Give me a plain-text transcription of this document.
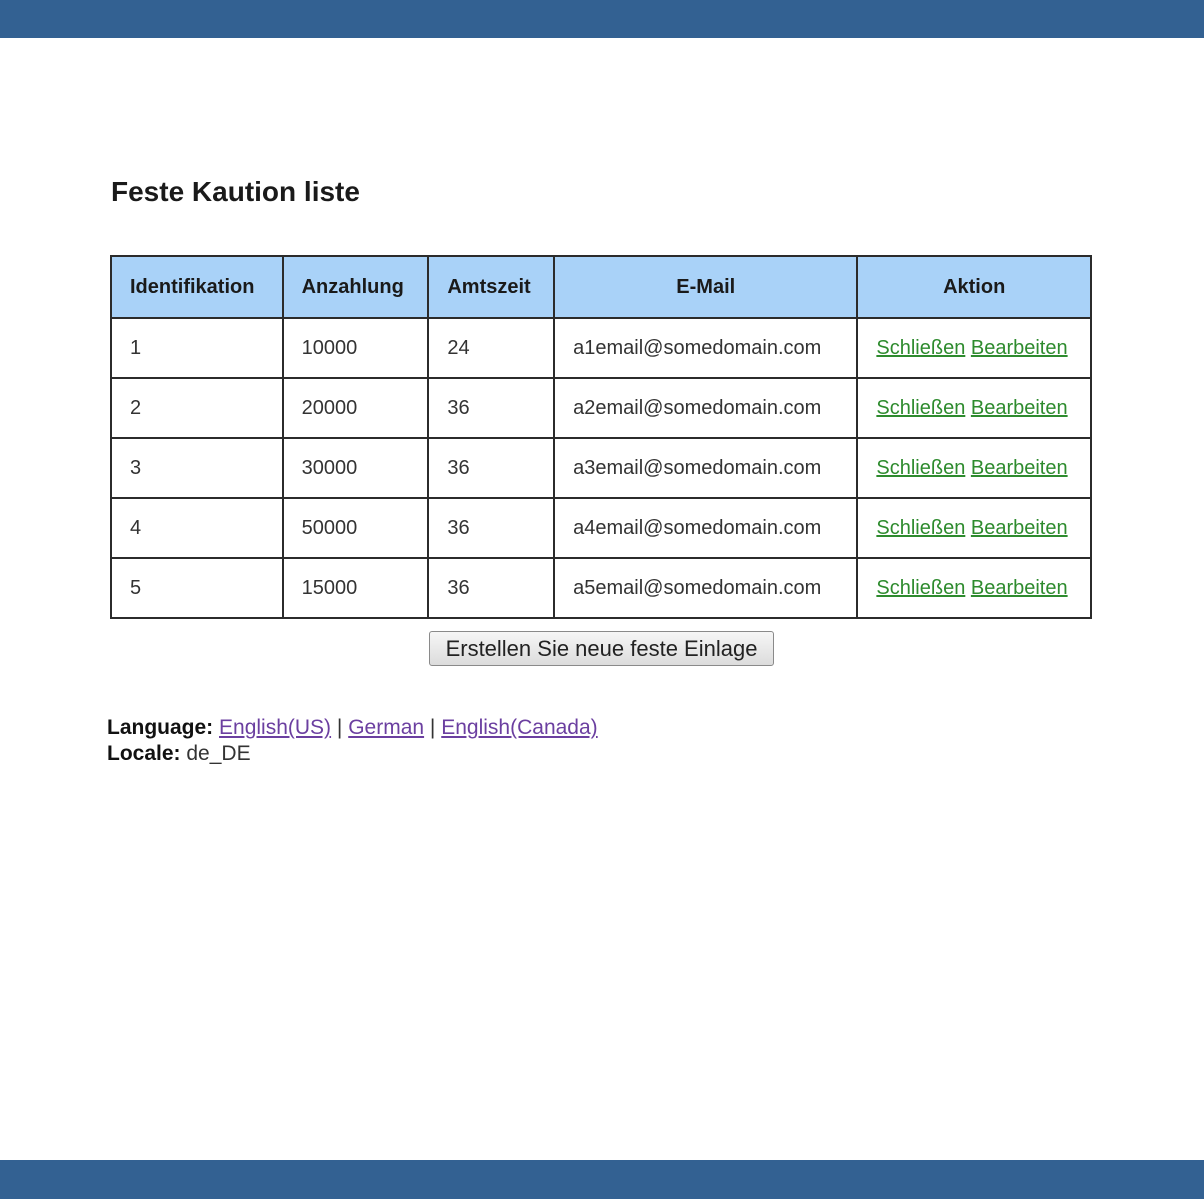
Feste Kaution liste
Identifikation	Anzahlung	Amtszeit	E-Mail	Aktion
1	10000	24	a1email@somedomain.com	Schließen Bearbeiten
2	20000	36	a2email@somedomain.com	Schließen Bearbeiten
3	30000	36	a3email@somedomain.com	Schließen Bearbeiten
4	50000	36	a4email@somedomain.com	Schließen Bearbeiten
5	15000	36	a5email@somedomain.com	Schließen Bearbeiten
Erstellen Sie neue feste Einlage
Language: English(US) | German | English(Canada)
Locale: de_DE
